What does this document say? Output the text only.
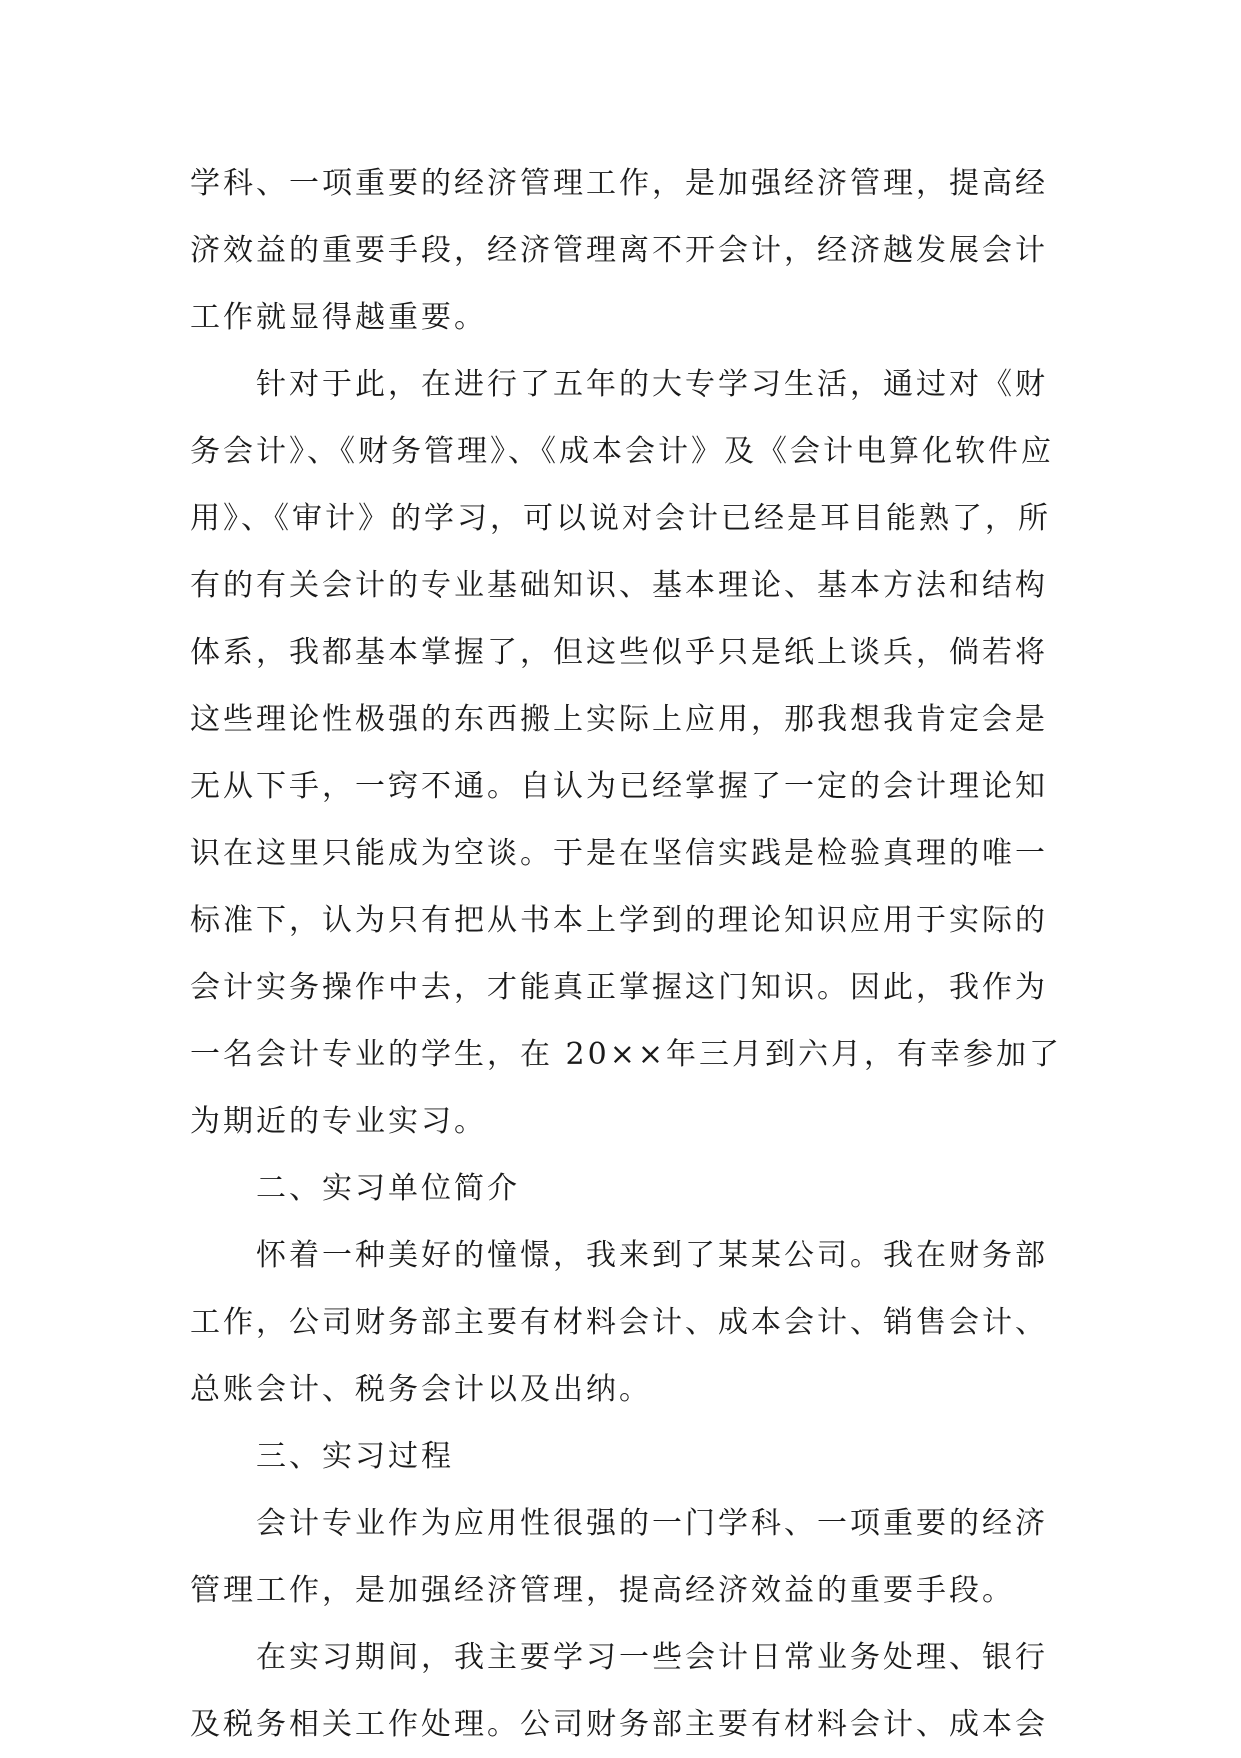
学科、一项重要的经济管理工作，是加强经济管理，提高经
济效益的重要手段，经济管理离不开会计，经济越发展会计
工作就显得越重要。
针对于此，在进行了五年的大专学习生活，通过对《财
务会计》、《财务管理》、《成本会计》及《会计电算化软件应
用》、《审计》的学习，可以说对会计已经是耳目能熟了，所
有的有关会计的专业基础知识、基本理论、基本方法和结构
体系，我都基本掌握了，但这些似乎只是纸上谈兵，倘若将
这些理论性极强的东西搬上实际上应用，那我想我肯定会是
无从下手，一窍不通。自认为已经掌握了一定的会计理论知
识在这里只能成为空谈。于是在坚信实践是检验真理的唯一
标准下，认为只有把从书本上学到的理论知识应用于实际的
会计实务操作中去，才能真正掌握这门知识。因此，我作为
一名会计专业的学生，在 20××年三月到六月，有幸参加了
为期近的专业实习。
二、实习单位简介
怀着一种美好的憧憬，我来到了某某公司。我在财务部
工作，公司财务部主要有材料会计、成本会计、销售会计、
总账会计、税务会计以及出纳。
三、实习过程
会计专业作为应用性很强的一门学科、一项重要的经济
管理工作，是加强经济管理，提高经济效益的重要手段。
在实习期间，我主要学习一些会计日常业务处理、银行
及税务相关工作处理。公司财务部主要有材料会计、成本会
